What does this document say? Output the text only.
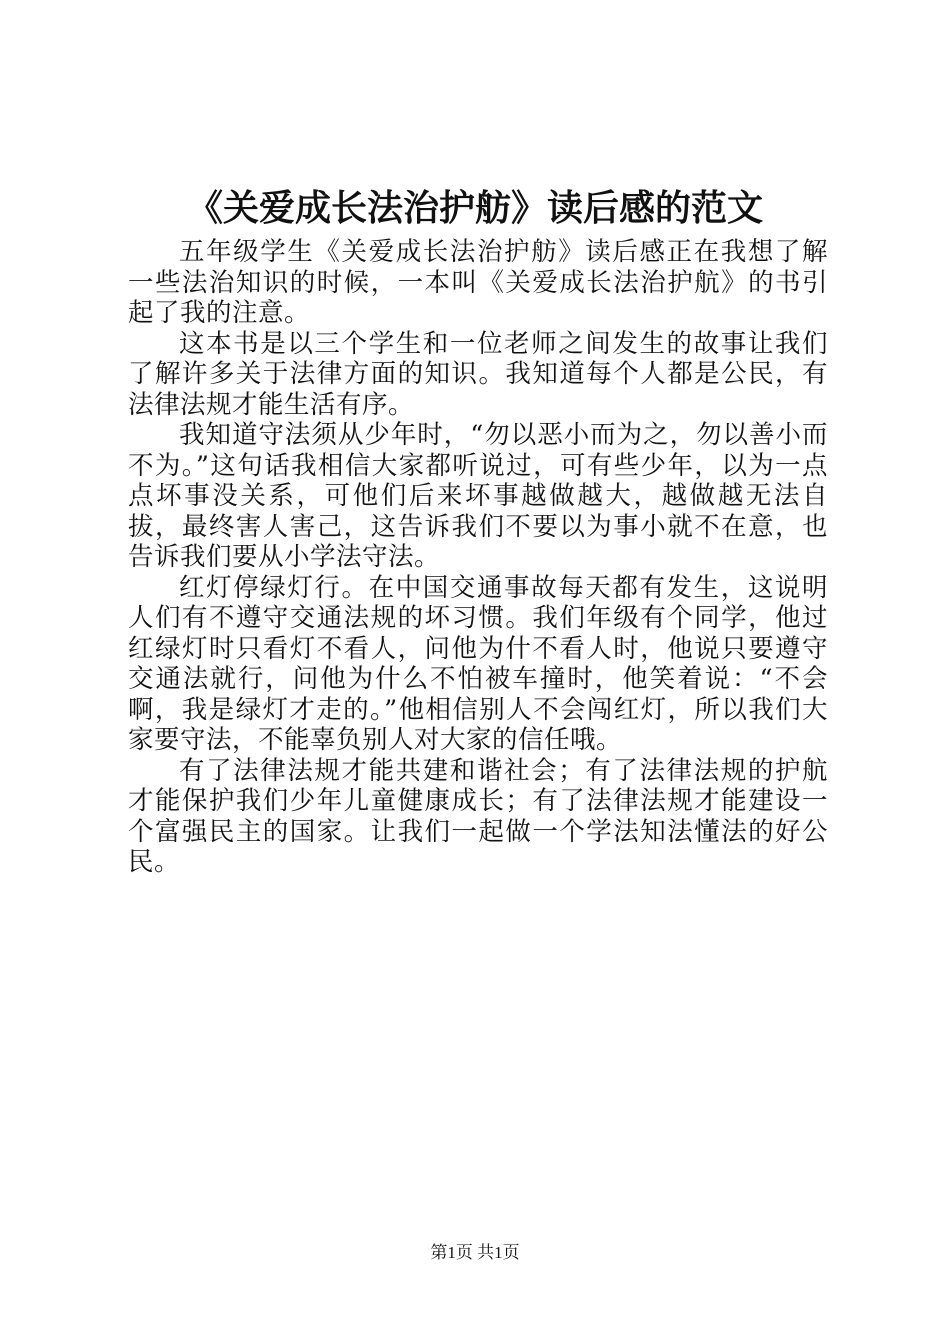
《关爱成长法治护舫》读后感的范文

五年级学生《关爱成长法治护舫》读后感正在我想了解一些法治知识的时候，一本叫《关爱成长法治护航》的书引起了我的注意。

这本书是以三个学生和一位老师之间发生的故事让我们了解许多关于法律方面的知识。我知道每个人都是公民，有法律法规才能生活有序。

我知道守法须从少年时，“勿以恶小而为之，勿以善小而不为。”这句话我相信大家都听说过，可有些少年，以为一点点坏事没关系，可他们后来坏事越做越大，越做越无法自拔，最终害人害己，这告诉我们不要以为事小就不在意，也告诉我们要从小学法守法。

红灯停绿灯行。在中国交通事故每天都有发生，这说明人们有不遵守交通法规的坏习惯。我们年级有个同学，他过红绿灯时只看灯不看人，问他为什不看人时，他说只要遵守交通法就行，问他为什么不怕被车撞时，他笑着说：“不会啊，我是绿灯才走的。”他相信别人不会闯红灯，所以我们大家要守法，不能辜负别人对大家的信任哦。

有了法律法规才能共建和谐社会；有了法律法规的护航才能保护我们少年儿童健康成长；有了法律法规才能建设一个富强民主的国家。让我们一起做一个学法知法懂法的好公民。

第1页 共1页
